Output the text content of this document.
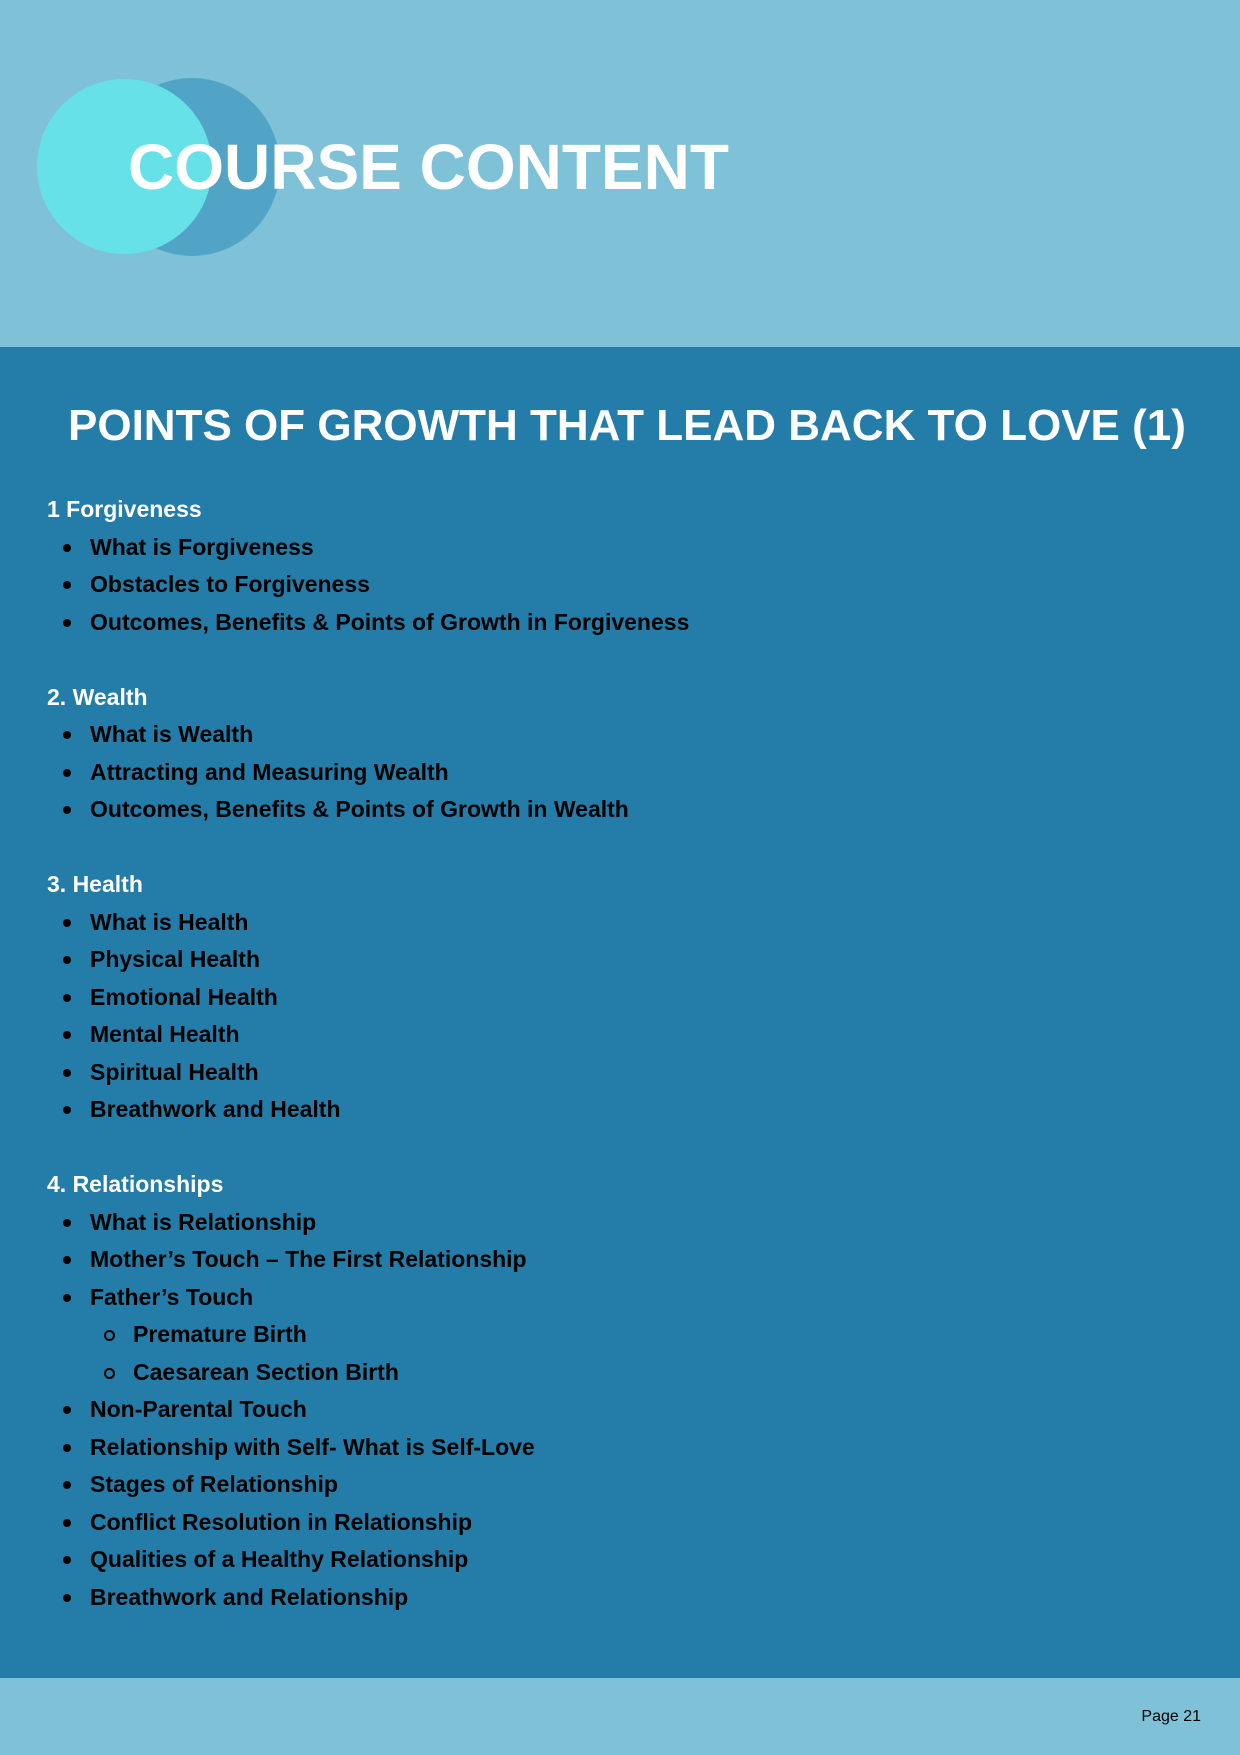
COURSE CONTENT
POINTS OF GROWTH THAT LEAD BACK TO LOVE (1)

1 Forgiveness

What is Forgiveness
Obstacles to Forgiveness
Outcomes, Benefits & Points of Growth in Forgiveness

2. Wealth

What is Wealth
Attracting and Measuring Wealth
Outcomes, Benefits & Points of Growth in Wealth

3. Health

What is Health
Physical Health
Emotional Health
Mental Health
Spiritual Health
Breathwork and Health

4. Relationships

What is Relationship
Mother’s Touch – The First Relationship
Father’s Touch
Premature Birth
Caesarean Section Birth
Non-Parental Touch
Relationship with Self- What is Self-Love
Stages of Relationship
Conflict Resolution in Relationship
Qualities of a Healthy Relationship
Breathwork and Relationship
Page 21
